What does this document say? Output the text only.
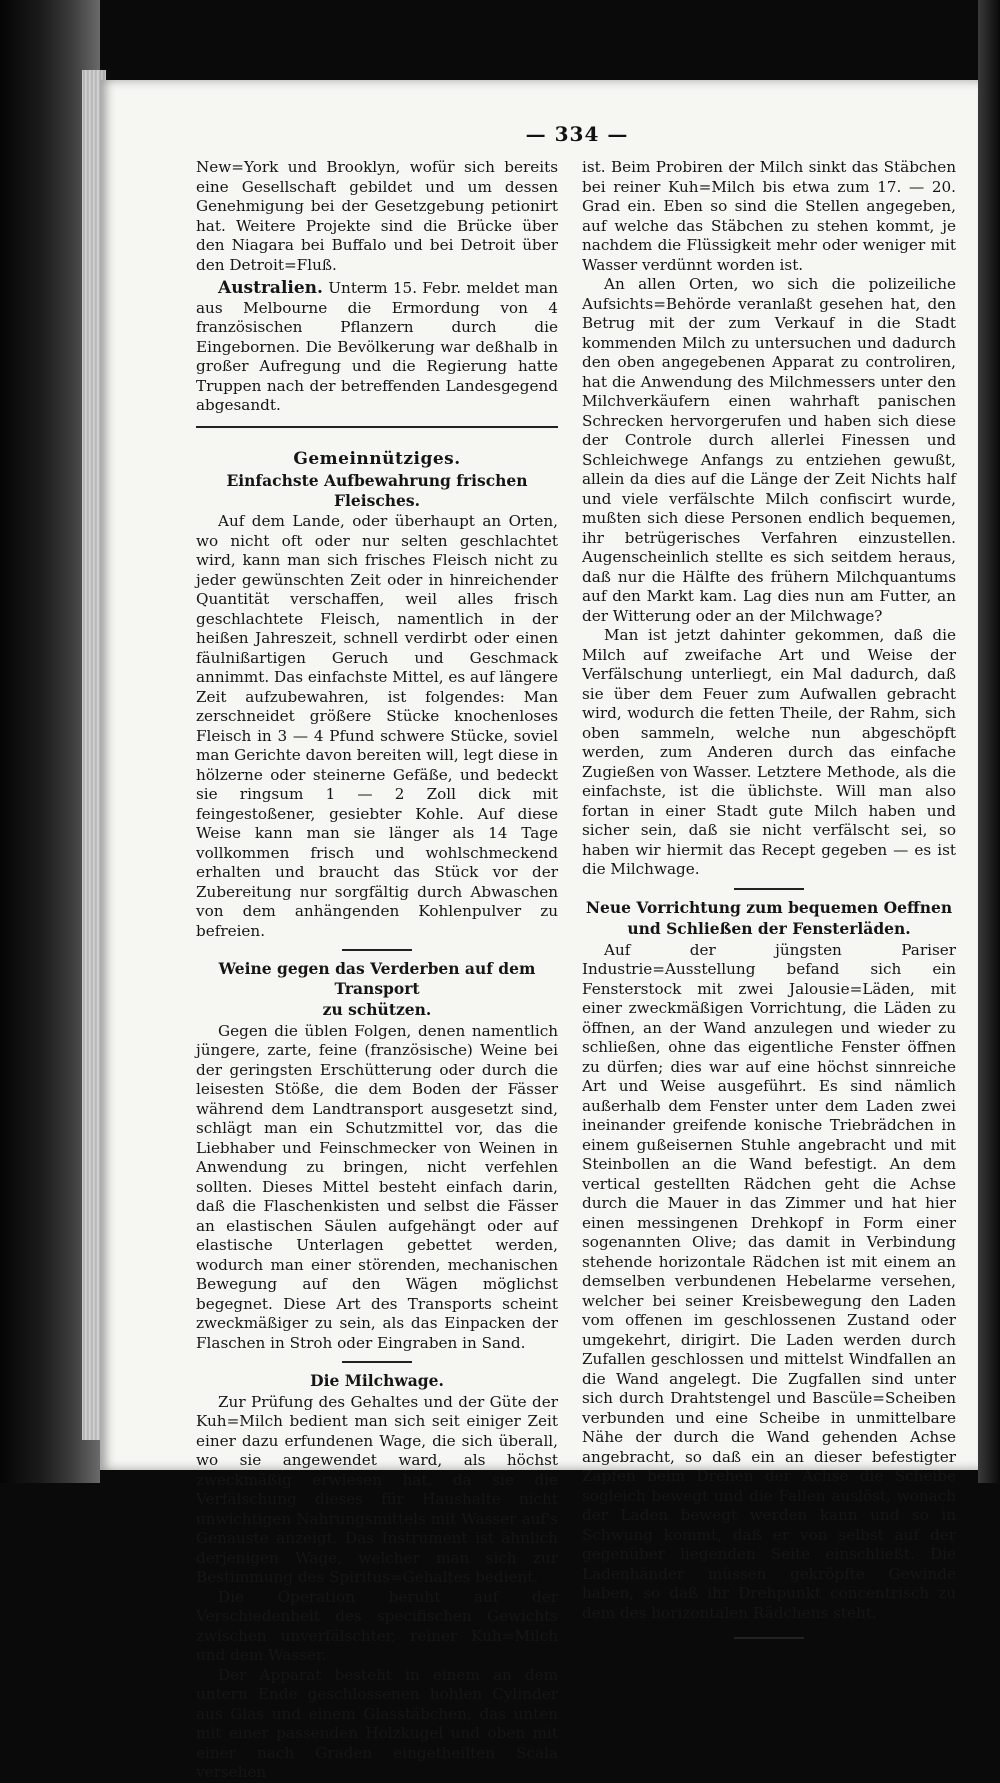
— 334 —

New=York und Brooklyn, wofür sich bereits eine Gesellschaft gebildet und um dessen Genehmigung bei der Gesetzgebung petionirt hat. Weitere Projekte sind die Brücke über den Niagara bei Buffalo und bei Detroit über den Detroit=Fluß.

Australien. Unterm 15. Febr. meldet man aus Melbourne die Ermordung von 4 französischen Pflanzern durch die Eingebornen. Die Bevölkerung war deßhalb in großer Aufregung und die Regierung hatte Truppen nach der betreffenden Landesgegend abgesandt.

Gemeinnütziges.
Einfachste Aufbewahrung frischen Fleisches.

Auf dem Lande, oder überhaupt an Orten, wo nicht oft oder nur selten geschlachtet wird, kann man sich frisches Fleisch nicht zu jeder gewünschten Zeit oder in hinreichender Quantität verschaffen, weil alles frisch geschlachtete Fleisch, namentlich in der heißen Jahreszeit, schnell verdirbt oder einen fäulnißartigen Geruch und Geschmack annimmt. Das einfachste Mittel, es auf längere Zeit aufzubewahren, ist folgendes: Man zerschneidet größere Stücke knochenloses Fleisch in 3 — 4 Pfund schwere Stücke, soviel man Gerichte davon bereiten will, legt diese in hölzerne oder steinerne Gefäße, und bedeckt sie ringsum 1 — 2 Zoll dick mit feingestoßener, gesiebter Kohle. Auf diese Weise kann man sie länger als 14 Tage vollkommen frisch und wohlschmeckend erhalten und braucht das Stück vor der Zubereitung nur sorgfältig durch Abwaschen von dem anhängenden Kohlenpulver zu befreien.

Weine gegen das Verderben auf dem Transport
zu schützen.

Gegen die üblen Folgen, denen namentlich jüngere, zarte, feine (französische) Weine bei der geringsten Erschütterung oder durch die leisesten Stöße, die dem Boden der Fässer während dem Landtransport ausgesetzt sind, schlägt man ein Schutzmittel vor, das die Liebhaber und Feinschmecker von Weinen in Anwendung zu bringen, nicht verfehlen sollten. Dieses Mittel besteht einfach darin, daß die Flaschenkisten und selbst die Fässer an elastischen Säulen aufgehängt oder auf elastische Unterlagen gebettet werden, wodurch man einer störenden, mechanischen Bewegung auf den Wägen möglichst begegnet. Diese Art des Transports scheint zweckmäßiger zu sein, als das Einpacken der Flaschen in Stroh oder Eingraben in Sand.

Die Milchwage.

Zur Prüfung des Gehaltes und der Güte der Kuh=Milch bedient man sich seit einiger Zeit einer dazu erfundenen Wage, die sich überall, wo sie angewendet ward, als höchst zweckmäßig erwiesen hat, da sie die Verfälschung dieses für Haushalte nicht unwichtigen Nahrungsmittels mit Wasser auf's Genauste anzeigt. Das Instrument ist ähnlich derjenigen Wage, welcher man sich zur Bestimmung des Spiritus=Gehaltes bedient.

Die Operation beruht auf der Verschiedenheit des specifischen Gewichts zwischen unverfälschter, reiner Kuh=Milch und dem Wasser.

Der Apparat besteht in einem an dem untern Ende geschlossenen hohlen Cylinder aus Glas und einem Glasstäbchen, das unten mit einer passenden Holzkugel und oben mit einer nach Graden eingetheilten Scala versehen

ist. Beim Probiren der Milch sinkt das Stäbchen bei reiner Kuh=Milch bis etwa zum 17. — 20. Grad ein. Eben so sind die Stellen angegeben, auf welche das Stäbchen zu stehen kommt, je nachdem die Flüssigkeit mehr oder weniger mit Wasser verdünnt worden ist.

An allen Orten, wo sich die polizeiliche Aufsichts=Behörde veranlaßt gesehen hat, den Betrug mit der zum Verkauf in die Stadt kommenden Milch zu untersuchen und dadurch den oben angegebenen Apparat zu controliren, hat die Anwendung des Milchmessers unter den Milchverkäufern einen wahrhaft panischen Schrecken hervorgerufen und haben sich diese der Controle durch allerlei Finessen und Schleichwege Anfangs zu entziehen gewußt, allein da dies auf die Länge der Zeit Nichts half und viele verfälschte Milch confiscirt wurde, mußten sich diese Personen endlich bequemen, ihr betrügerisches Verfahren einzustellen. Augenscheinlich stellte es sich seitdem heraus, daß nur die Hälfte des frühern Milchquantums auf den Markt kam. Lag dies nun am Futter, an der Witterung oder an der Milchwage?

Man ist jetzt dahinter gekommen, daß die Milch auf zweifache Art und Weise der Verfälschung unterliegt, ein Mal dadurch, daß sie über dem Feuer zum Aufwallen gebracht wird, wodurch die fetten Theile, der Rahm, sich oben sammeln, welche nun abgeschöpft werden, zum Anderen durch das einfache Zugießen von Wasser. Letztere Methode, als die einfachste, ist die üblichste. Will man also fortan in einer Stadt gute Milch haben und sicher sein, daß sie nicht verfälscht sei, so haben wir hiermit das Recept gegeben — es ist die Milchwage.

Neue Vorrichtung zum bequemen Oeffnen
und Schließen der Fensterläden.

Auf der jüngsten Pariser Industrie=Ausstellung befand sich ein Fensterstock mit zwei Jalousie=Läden, mit einer zweckmäßigen Vorrichtung, die Läden zu öffnen, an der Wand anzulegen und wieder zu schließen, ohne das eigentliche Fenster öffnen zu dürfen; dies war auf eine höchst sinnreiche Art und Weise ausgeführt. Es sind nämlich außerhalb dem Fenster unter dem Laden zwei ineinander greifende konische Triebrädchen in einem gußeisernen Stuhle angebracht und mit Steinbollen an die Wand befestigt. An dem vertical gestellten Rädchen geht die Achse durch die Mauer in das Zimmer und hat hier einen messingenen Drehkopf in Form einer sogenannten Olive; das damit in Verbindung stehende horizontale Rädchen ist mit einem an demselben verbundenen Hebelarme versehen, welcher bei seiner Kreisbewegung den Laden vom offenen im geschlossenen Zustand oder umgekehrt, dirigirt. Die Laden werden durch Zufallen geschlossen und mittelst Windfallen an die Wand angelegt. Die Zugfallen sind unter sich durch Drahtstengel und Bascüle=Scheiben verbunden und eine Scheibe in unmittelbare Nähe der durch die Wand gehenden Achse angebracht, so daß ein an dieser befestigter Zapfen beim Drehen der Achse die Scheibe sogleich bewegt und die Fallen auslöst, wonach der Laden bewegt werden kann und so in Schwung kommt, daß er von selbst auf der gegenüber liegenden Seite einschließt. Die Ladenhänder müssen gekröpfte Gewinde haben, so daß ihr Drehpunkt concentrisch zu dem des horizontalen Rädchens steht.
